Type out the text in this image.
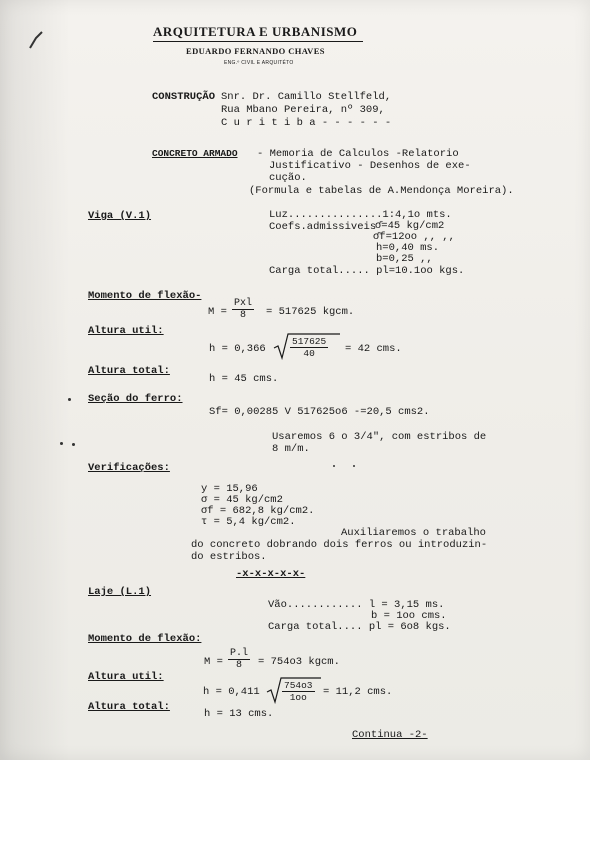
ARQUITETURA E URBANISMO
EDUARDO FERNANDO CHAVES
ENG.º CIVIL E ARQUITÉTO
CONSTRUÇÃO Snr. Dr. Camillo Stellfeld,
Rua Mbano Pereira, nº 309,
C u r i t i b a - - - - - -
CONCRETO ARMADO - Memoria de Calculos -Relatorio
Justificativo - Desenhos de exe-
cução.
(Formula e tabelas de A.Mendonça Moreira).
Viga (V.1)	Luz...............1:4,1o mts.
Coefs.admissiveis
σ̄=45 kg/cm2
σ̄f=12oo ,, ,,
h=0,40 ms.
b=0,25 ,,
Carga total..... pl=10.1oo kgs.
Momento de flexão-
M =
Pxl
8	= 517625 kgcm.
Altura util:
h = 0,366	$\frac{517625}{40} = 42$ cms.
Altura total:
h = 45 cms.
Seção do ferro:
Sf= 0,00285 V 517625o6 -=20,5 cms2.
Usaremos 6 o 3/4", com estribos de
8 m/m.
Verificações:
y = 15,96
σ = 45 kg/cm2
σf = 682,8 kg/cm2.
τ = 5,4 kg/cm2.
Auxiliaremos o trabalho
do concreto dobrando dois ferros ou introduzin-
do estribos.
-x-x-x-x-x-
Laje (L.1)
Vão............ l = 3,15 ms.
b = 1oo cms.
Carga total.... pl = 6o8 kgs.
Momento de flexão:
$M = \frac{P.l}{8} = 754o3$ kgcm.
Altura util:
$h = 0,411 \frac{754o3}{1oo} = 11,2$ cms.
Altura total:
h = 13 cms.
Continua -2-
